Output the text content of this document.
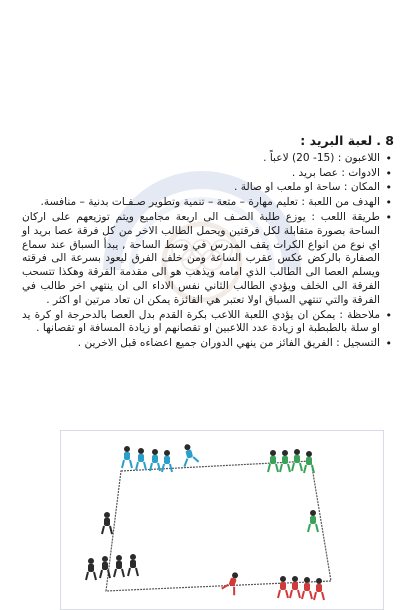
8 .
لعبة البريد :
• اللاعبون : (15- 20) لاعباً .
• الادوات : عصا بريد .
• المكان : ساحة او ملعب او صالة .
• الهدف من اللعبة : تعليم مهارة – متعة – تنمية وتطوير صـفـات بدنية – منافسة.
• طريقة اللعب : يوزع طلبة الصـف الى اربعة مجاميع ويتم توزيعهم على اركان الساحة بصورة متقابلة لكل فرقتين ويحمل الطالب الاخر من كل فرقة عصا بريد او اي نوع من انواع الكرات يقف المدرس في وسط الساحة , يبدأ السباق عند سماع الصفارة بالركض عكس عقرب الساعة ومن خلف الفرق ليعود بسرعة الى فرقته ويسلم العصا الى الطالب الذي امامه ويذهب هو الى مقدمة الفرقة وهكذا تتسحب الفرقة الى الخلف ويؤدي الطالب الثاني نفس الاداء الى ان ينتهي اخر طالب في الفرقة والتي تنتهي السباق اولا تعتبر هي الفائزة يمكن ان تعاد مرتين او اكثر .
• ملاحظة : يمكن ان يؤدي اللعبة اللاعب بكرة القدم بدل العصا بالدحرجة او كرة يد او سلة بالطبطبة او زيادة عدد اللاعبين او تقصانهم او زيادة المسافة او تقصانها .
• التسجيل : الفريق الفائز من ينهي الدوران جميع اعضاءه قبل الاخرين .
